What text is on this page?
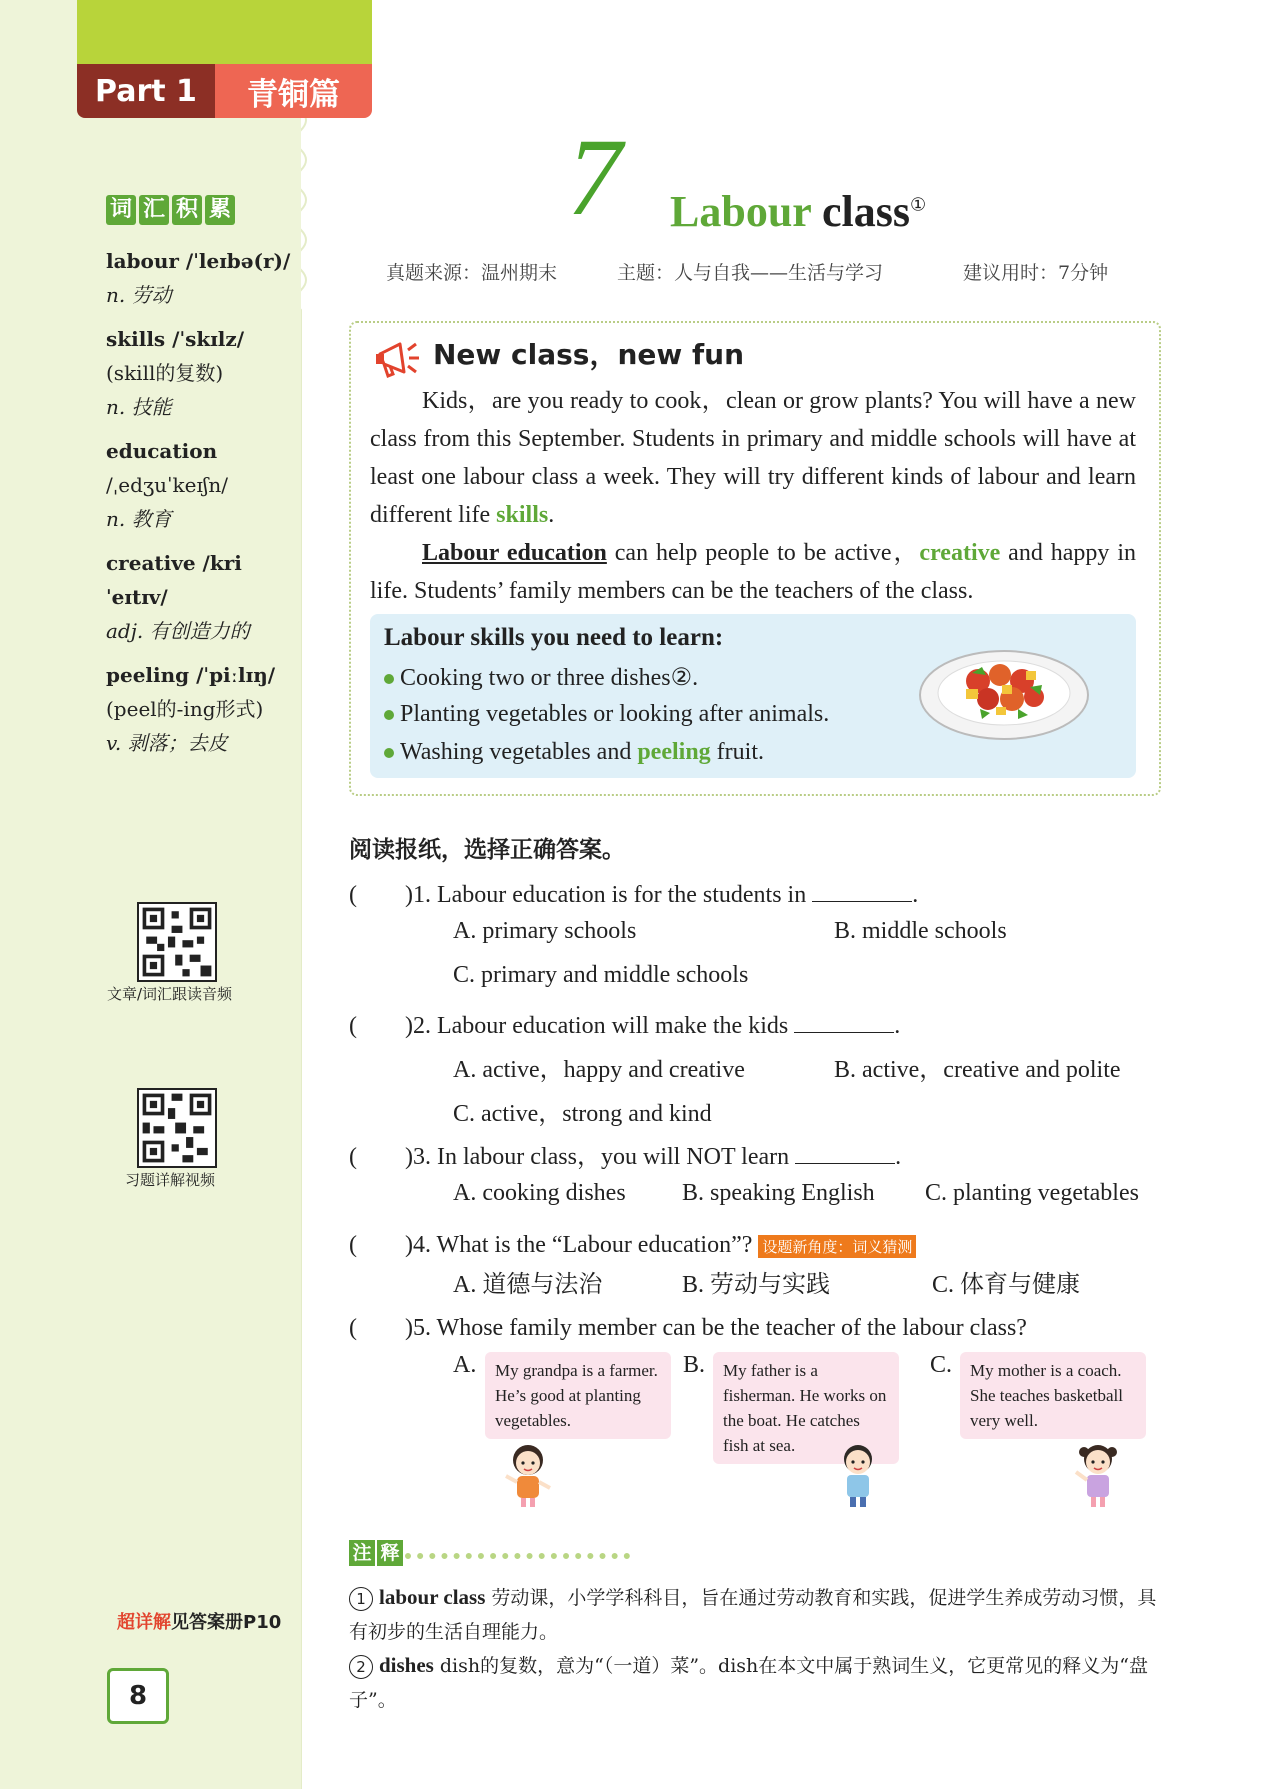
Part 1	青铜篇
词 汇 积 累
labour /ˈleɪbə(r)/
n. 劳动
skills /ˈskɪlz/
(skill的复数)
n. 技能
education
/ˌedʒuˈkeɪʃn/
n. 教育
creative /kriˈeɪtɪv/
adj. 有创造力的
peeling /ˈpiːlɪŋ/
(peel的-ing形式)
v. 剥落；去皮
文章/词汇跟读音频
习题详解视频
超详解见答案册P10
8
7 Labour class①
真题来源：温州期末	主题：人与自我——生活与学习	建议用时：7分钟
New class，new fun
Kids，are you ready to cook，clean or grow plants? You will have a new class from this September. Students in primary and middle schools will have at least one labour class a week. They will try different kinds of labour and learn different life skills.
Labour education can help people to be active，creative and happy in life. Students’ family members can be the teachers of the class.
Labour skills you need to learn:
Cooking two or three dishes②.
Planting vegetables or looking after animals.
Washing vegetables and peeling fruit.
阅读报纸，选择正确答案。
(　　)1. Labour education is for the students in	.
A. primary schools	B. middle schools
C. primary and middle schools
(　　)2. Labour education will make the kids	.
A. active，happy and creative	B. active，creative and polite
C. active，strong and kind
(　　)3. In labour class，you will NOT learn	.
A. cooking dishes B. speaking English C. planting vegetables
(　　)4. What is the “Labour education”? 设题新角度：词义猜测
A. 道德与法治	B. 劳动与实践	C. 体育与健康
(　　)5. Whose family member can be the teacher of the labour class?
A.	B.	C.
My grandpa is a farmer. He’s good at planting vegetables.
My father is a fisherman. He works on the boat. He catches fish at sea.
My mother is a coach. She teaches basketball very well.
注 释
1 labour class 劳动课，小学学科科目，旨在通过劳动教育和实践，促进学生养成劳动习惯，具有初步的生活自理能力。
2 dishes dish的复数，意为“（一道）菜”。dish在本文中属于熟词生义，它更常见的释义为“盘子”。
